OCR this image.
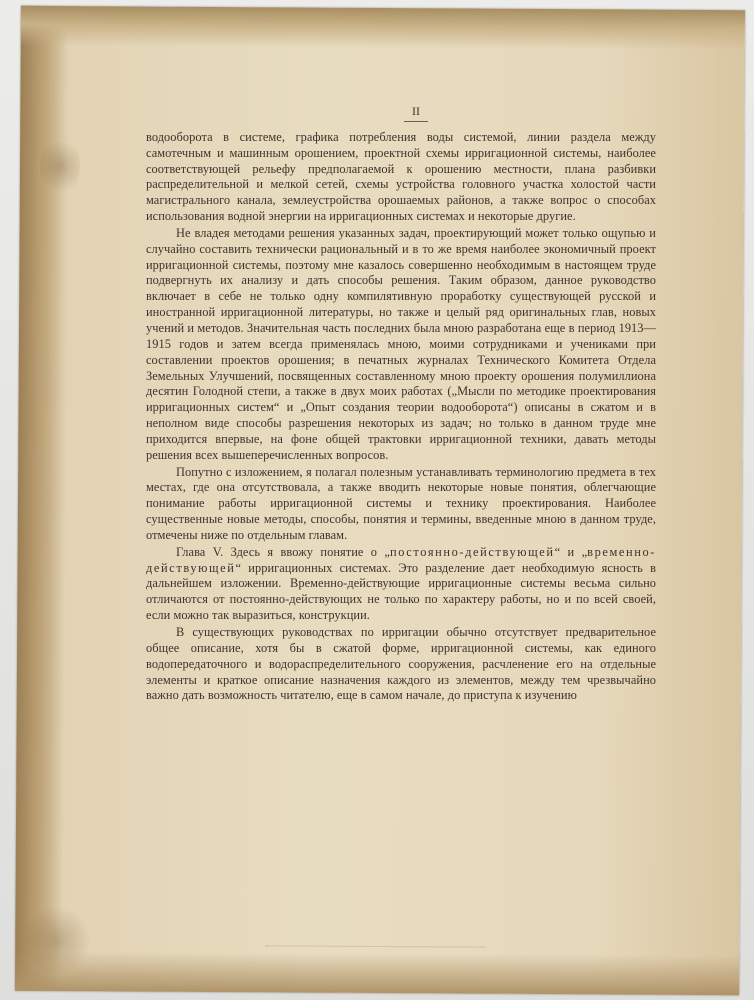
II

водооборота в системе, графика потребления воды системой, линии раздела между самотечным и машинным орошением, проектной схемы ирригационной системы, наиболее соответствующей рельефу предполагаемой к орошению местности, плана разбивки распределительной и мелкой сетей, схемы устройства головного участка холостой части магистрального канала, землеустройства орошаемых районов, а также вопрос о способах использования водной энергии на ирригационных системах и некоторые другие.

Не владея методами решения указанных задач, проектирующий может только ощупью и случайно составить технически рациональный и в то же время наиболее экономичный проект ирригационной системы, поэтому мне казалось совершенно необходимым в настоящем труде подвергнуть их анализу и дать способы решения. Таким образом, данное руководство включает в себе не только одну компилятивную проработку существующей русской и иностранной ирригационной литературы, но также и целый ряд оригинальных глав, новых учений и методов. Значительная часть последних была мною разработана еще в период 1913—1915 годов и затем всегда применялась мною, моими сотрудниками и учениками при составлении проектов орошения; в печатных журналах Технического Комитета Отдела Земельных Улучшений, посвященных составленному мною проекту орошения полумиллиона десятин Голодной степи, а также в двух моих работах („Мысли по методике проектирования ирригационных систем“ и „Опыт создания теории водооборота“) описаны в сжатом и в неполном виде способы разрешения некоторых из задач; но только в данном труде мне приходится впервые, на фоне общей трактовки ирригационной техники, давать методы решения всех вышеперечисленных вопросов.

Попутно с изложением, я полагал полезным устанавливать терминологию предмета в тех местах, где она отсутствовала, а также вводить некоторые новые понятия, облегчающие понимание работы ирригационной системы и технику проектирования. Наиболее существенные новые методы, способы, понятия и термины, введенные мною в данном труде, отмечены ниже по отдельным главам.

Глава V. Здесь я ввожу понятие о „постоянно-действующей“ и „временно-действующей“ ирригационных системах. Это разделение дает необходимую ясность в дальнейшем изложении. Временно-действующие ирригационные системы весьма сильно отличаются от постоянно-действующих не только по характеру работы, но и по всей своей, если можно так выразиться, конструкции.

В существующих руководствах по ирригации обычно отсутствует предварительное общее описание, хотя бы в сжатой форме, ирригационной системы, как единого водопередаточного и водораспределительного сооружения, расчленение его на отдельные элементы и краткое описание назначения каждого из элементов, между тем чрезвычайно важно дать возможность читателю, еще в самом начале, до приступа к изучению
